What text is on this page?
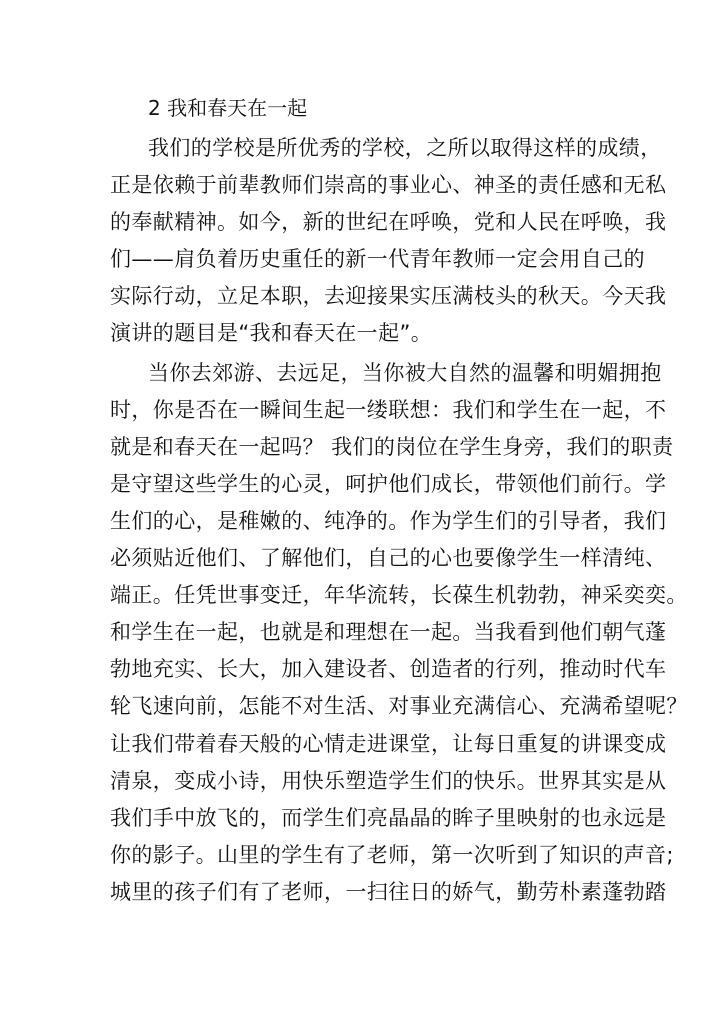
2 我和春天在一起
我们的学校是所优秀的学校，之所以取得这样的成绩，
正是依赖于前辈教师们崇高的事业心、神圣的责任感和无私
的奉献精神。如今，新的世纪在呼唤，党和人民在呼唤，我
们——肩负着历史重任的新一代青年教师一定会用自己的
实际行动，立足本职，去迎接果实压满枝头的秋天。今天我
演讲的题目是“我和春天在一起”。
当你去郊游、去远足，当你被大自然的温馨和明媚拥抱
时，你是否在一瞬间生起一缕联想：我们和学生在一起，不
就是和春天在一起吗？ 我们的岗位在学生身旁，我们的职责
是守望这些学生的心灵，呵护他们成长，带领他们前行。学
生们的心，是稚嫩的、纯净的。作为学生们的引导者，我们
必须贴近他们、了解他们，自己的心也要像学生一样清纯、
端正。任凭世事变迁，年华流转，长葆生机勃勃，神采奕奕。
和学生在一起，也就是和理想在一起。当我看到他们朝气蓬
勃地充实、长大，加入建设者、创造者的行列，推动时代车
轮飞速向前，怎能不对生活、对事业充满信心、充满希望呢？
让我们带着春天般的心情走进课堂，让每日重复的讲课变成
清泉，变成小诗，用快乐塑造学生们的快乐。世界其实是从
我们手中放飞的，而学生们亮晶晶的眸子里映射的也永远是
你的影子。山里的学生有了老师，第一次听到了知识的声音;
城里的孩子们有了老师，一扫往日的娇气，勤劳朴素蓬勃踏
